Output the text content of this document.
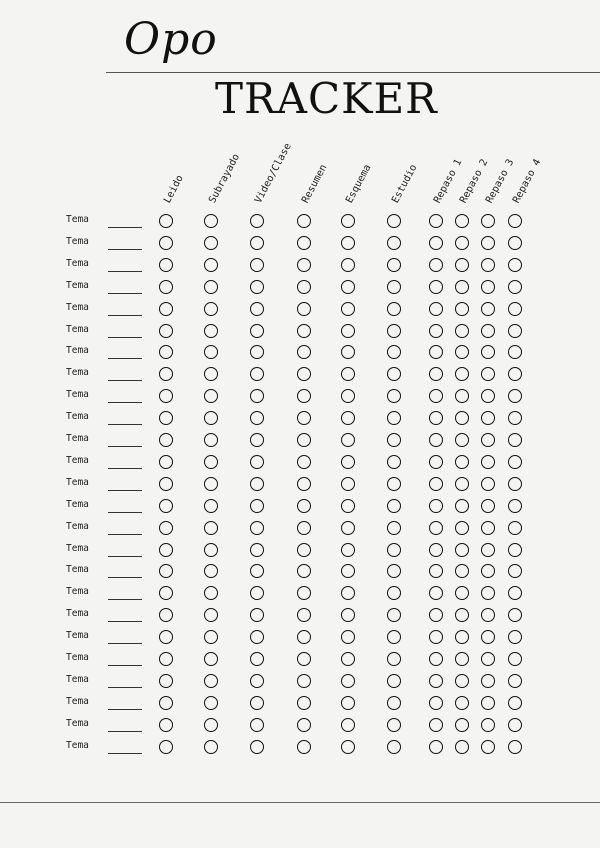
Opo
TRACKER
Leido Subrayado Video/Clase Resumen Esquema Estudio Repaso 1
Repaso 2
Repaso 3
Repaso 4
Tema
Tema
Tema
Tema
Tema
Tema
Tema
Tema
Tema
Tema
Tema
Tema
Tema
Tema
Tema
Tema
Tema
Tema
Tema
Tema
Tema
Tema
Tema
Tema
Tema
